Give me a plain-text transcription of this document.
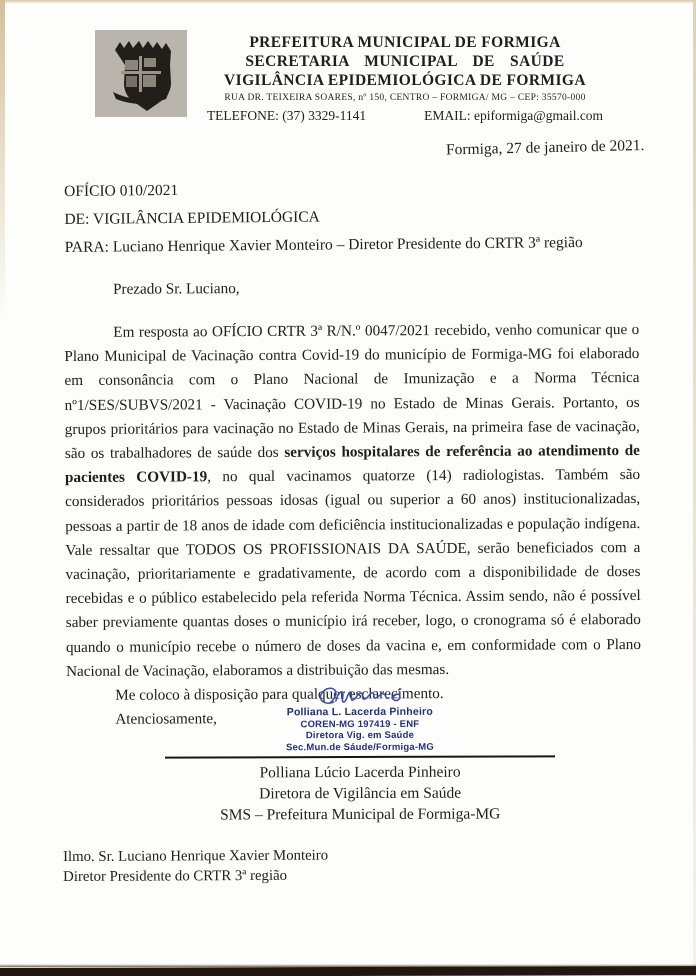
PREFEITURA MUNICIPAL DE FORMIGA
SECRETARIA MUNICIPAL DE SAÚDE
VIGILÂNCIA EPIDEMIOLÓGICA DE FORMIGA
RUA DR. TEIXEIRA SOARES, nº 150, CENTRO – FORMIGA/ MG – CEP: 35570-000
TELEFONE: (37) 3329-1141	EMAIL: epiformiga@gmail.com
Formiga, 27 de janeiro de 2021.
OFÍCIO 010/2021
DE: VIGILÂNCIA EPIDEMIOLÓGICA
PARA: Luciano Henrique Xavier Monteiro – Diretor Presidente do CRTR 3ª região
Prezado Sr. Luciano,

Em resposta ao OFÍCIO CRTR 3ª R/N.º 0047/2021 recebido, venho comunicar que o Plano Municipal de Vacinação contra Covid-19 do município de Formiga-MG foi elaborado em consonância com o Plano Nacional de Imunização e a Norma Técnica nº1/SES/SUBVS/2021 - Vacinação COVID-19 no Estado de Minas Gerais. Portanto, os grupos prioritários para vacinação no Estado de Minas Gerais, na primeira fase de vacinação, são os trabalhadores de saúde dos serviços hospitalares de referência ao atendimento de pacientes COVID-19, no qual vacinamos quatorze (14) radiologistas. Também são considerados prioritários pessoas idosas (igual ou superior a 60 anos) institucionalizadas, pessoas a partir de 18 anos de idade com deficiência institucionalizadas e população indígena. Vale ressaltar que TODOS OS PROFISSIONAIS DA SAÚDE, serão beneficiados com a vacinação, prioritariamente e gradativamente, de acordo com a disponibilidade de doses recebidas e o público estabelecido pela referida Norma Técnica. Assim sendo, não é possível saber previamente quantas doses o município irá receber, logo, o cronograma só é elaborado quando o município recebe o número de doses da vacina e, em conformidade com o Plano Nacional de Vacinação, elaboramos a distribuição das mesmas.

Me coloco à disposição para qualquer esclarecimento.
Atenciosamente,	Polliana L. Lacerda Pinheiro
COREN-MG 197419 - ENF
Diretora Vig. em Saúde
Sec.Mun.de Sáude/Formiga-MG
Polliana Lúcio Lacerda Pinheiro
Diretora de Vigilância em Saúde
SMS – Prefeitura Municipal de Formiga-MG
Ilmo. Sr. Luciano Henrique Xavier Monteiro
Diretor Presidente do CRTR 3ª região
